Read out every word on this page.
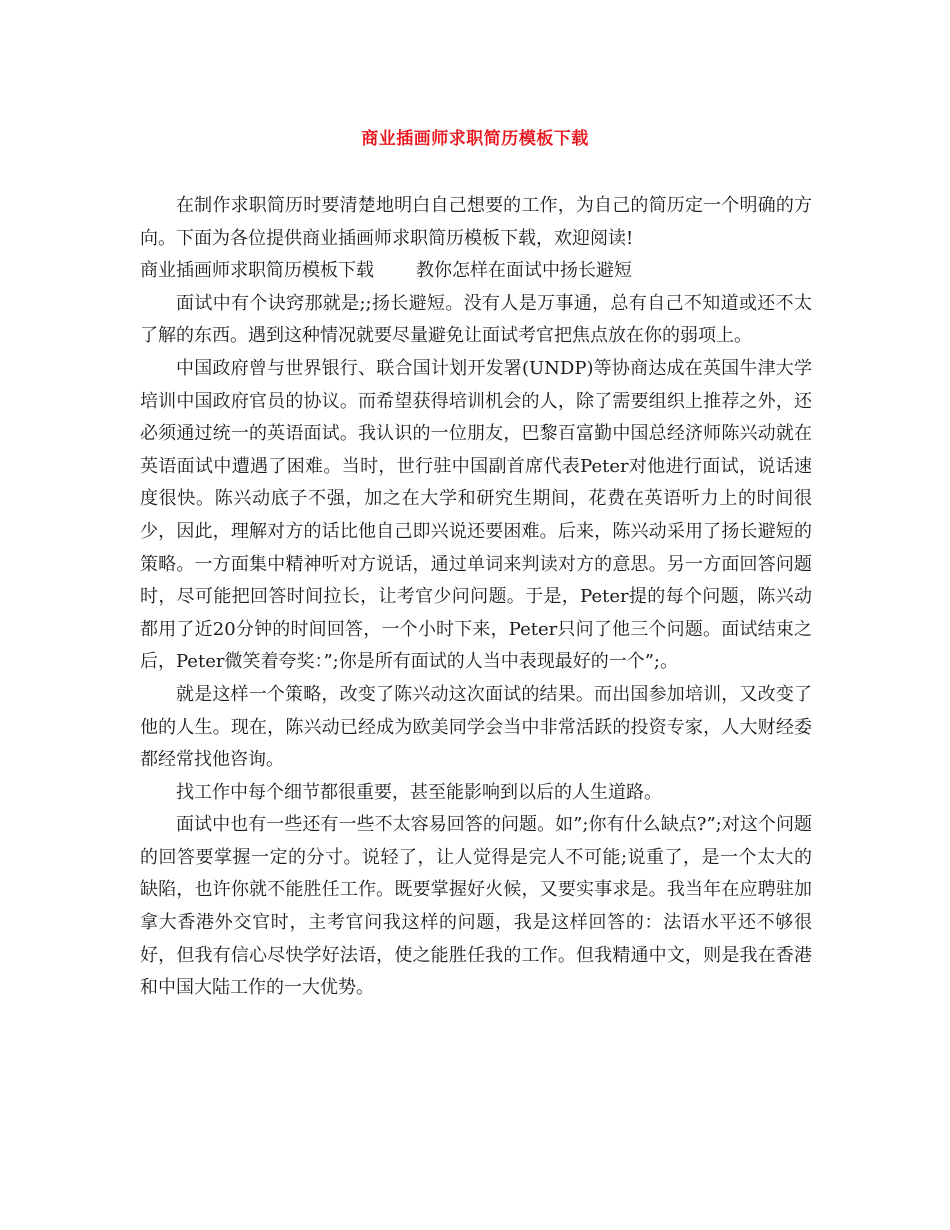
商业插画师求职简历模板下载

在制作求职简历时要清楚地明白自己想要的工作，为自己的简历定一个明确的方向。下面为各位提供商业插画师求职简历模板下载，欢迎阅读!

商业插画师求职简历模板下载 教你怎样在面试中扬长避短

面试中有个诀窍那就是;;扬长避短。没有人是万事通，总有自己不知道或还不太了解的东西。遇到这种情况就要尽量避免让面试考官把焦点放在你的弱项上。

中国政府曾与世界银行、联合国计划开发署(UNDP)等协商达成在英国牛津大学培训中国政府官员的协议。而希望获得培训机会的人，除了需要组织上推荐之外，还必须通过统一的英语面试。我认识的一位朋友，巴黎百富勤中国总经济师陈兴动就在英语面试中遭遇了困难。当时，世行驻中国副首席代表Peter对他进行面试，说话速度很快。陈兴动底子不强，加之在大学和研究生期间，花费在英语听力上的时间很少，因此，理解对方的话比他自己即兴说还要困难。后来，陈兴动采用了扬长避短的策略。一方面集中精神听对方说话，通过单词来判读对方的意思。另一方面回答问题时，尽可能把回答时间拉长，让考官少问问题。于是，Peter提的每个问题，陈兴动都用了近20分钟的时间回答，一个小时下来，Peter只问了他三个问题。面试结束之后，Peter微笑着夸奖：”;你是所有面试的人当中表现最好的一个”;。

就是这样一个策略，改变了陈兴动这次面试的结果。而出国参加培训，又改变了他的人生。现在，陈兴动已经成为欧美同学会当中非常活跃的投资专家，人大财经委都经常找他咨询。

找工作中每个细节都很重要，甚至能影响到以后的人生道路。

面试中也有一些还有一些不太容易回答的问题。如”;你有什么缺点?”;对这个问题的回答要掌握一定的分寸。说轻了，让人觉得是完人不可能;说重了，是一个太大的缺陷，也许你就不能胜任工作。既要掌握好火候，又要实事求是。我当年在应聘驻加拿大香港外交官时，主考官问我这样的问题，我是这样回答的：法语水平还不够很好，但我有信心尽快学好法语，使之能胜任我的工作。但我精通中文，则是我在香港和中国大陆工作的一大优势。
